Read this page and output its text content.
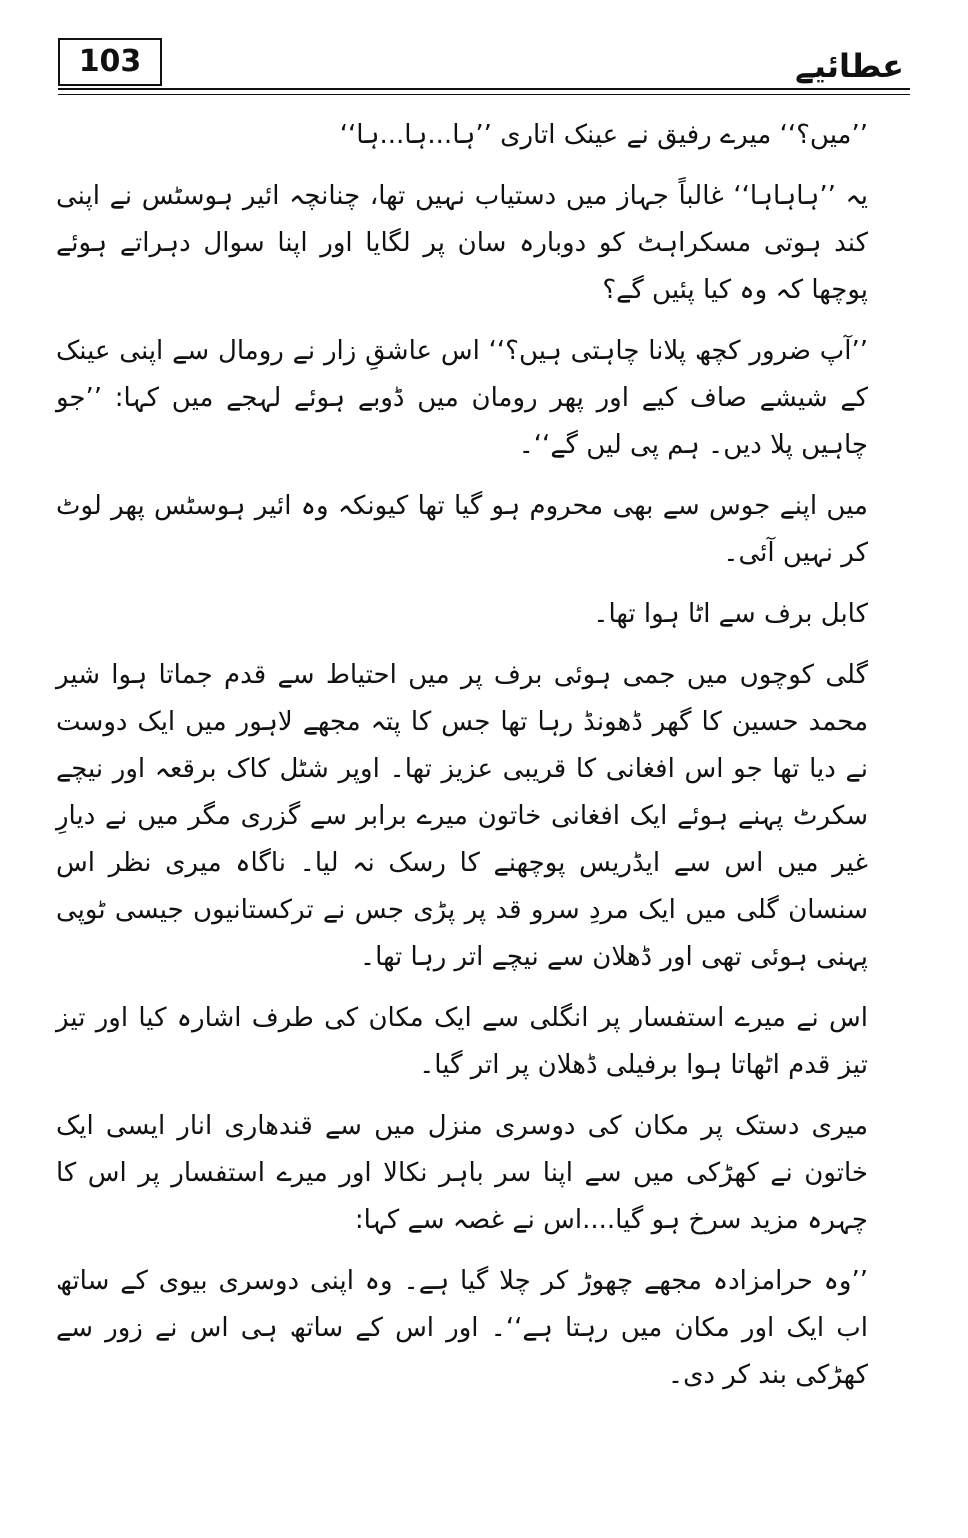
103	عطائیے

’’میں؟‘‘ میرے رفیق نے عینک اتاری ’’ہا...ہا...ہا‘‘

یہ ’’ہاہاہا‘‘ غالباً جہاز میں دستیاب نہیں تھا، چنانچہ ائیر ہوسٹس نے اپنی کند ہوتی مسکراہٹ کو دوبارہ سان پر لگایا اور اپنا سوال دہراتے ہوئے پوچھا کہ وہ کیا پئیں گے؟

’’آپ ضرور کچھ پلانا چاہتی ہیں؟‘‘ اس عاشقِ زار نے رومال سے اپنی عینک کے شیشے صاف کیے اور پھر رومان میں ڈوبے ہوئے لہجے میں کہا: ’’جو چاہیں پلا دیں۔ ہم پی لیں گے‘‘۔

میں اپنے جوس سے بھی محروم ہو گیا تھا کیونکہ وہ ائیر ہوسٹس پھر لوٹ کر نہیں آئی۔

کابل برف سے اٹا ہوا تھا۔

گلی کوچوں میں جمی ہوئی برف پر میں احتیاط سے قدم جماتا ہوا شیر محمد حسین کا گھر ڈھونڈ رہا تھا جس کا پتہ مجھے لاہور میں ایک دوست نے دیا تھا جو اس افغانی کا قریبی عزیز تھا۔ اوپر شٹل کاک برقعہ اور نیچے سکرٹ پہنے ہوئے ایک افغانی خاتون میرے برابر سے گزری مگر میں نے دیارِ غیر میں اس سے ایڈریس پوچھنے کا رسک نہ لیا۔ ناگاہ میری نظر اس سنسان گلی میں ایک مردِ سرو قد پر پڑی جس نے ترکستانیوں جیسی ٹوپی پہنی ہوئی تھی اور ڈھلان سے نیچے اتر رہا تھا۔

اس نے میرے استفسار پر انگلی سے ایک مکان کی طرف اشارہ کیا اور تیز تیز قدم اٹھاتا ہوا برفیلی ڈھلان پر اتر گیا۔

میری دستک پر مکان کی دوسری منزل میں سے قندھاری انار ایسی ایک خاتون نے کھڑکی میں سے اپنا سر باہر نکالا اور میرے استفسار پر اس کا چہرہ مزید سرخ ہو گیا....اس نے غصہ سے کہا:

’’وہ حرامزادہ مجھے چھوڑ کر چلا گیا ہے۔ وہ اپنی دوسری بیوی کے ساتھ اب ایک اور مکان میں رہتا ہے‘‘۔ اور اس کے ساتھ ہی اس نے زور سے کھڑکی بند کر دی۔
